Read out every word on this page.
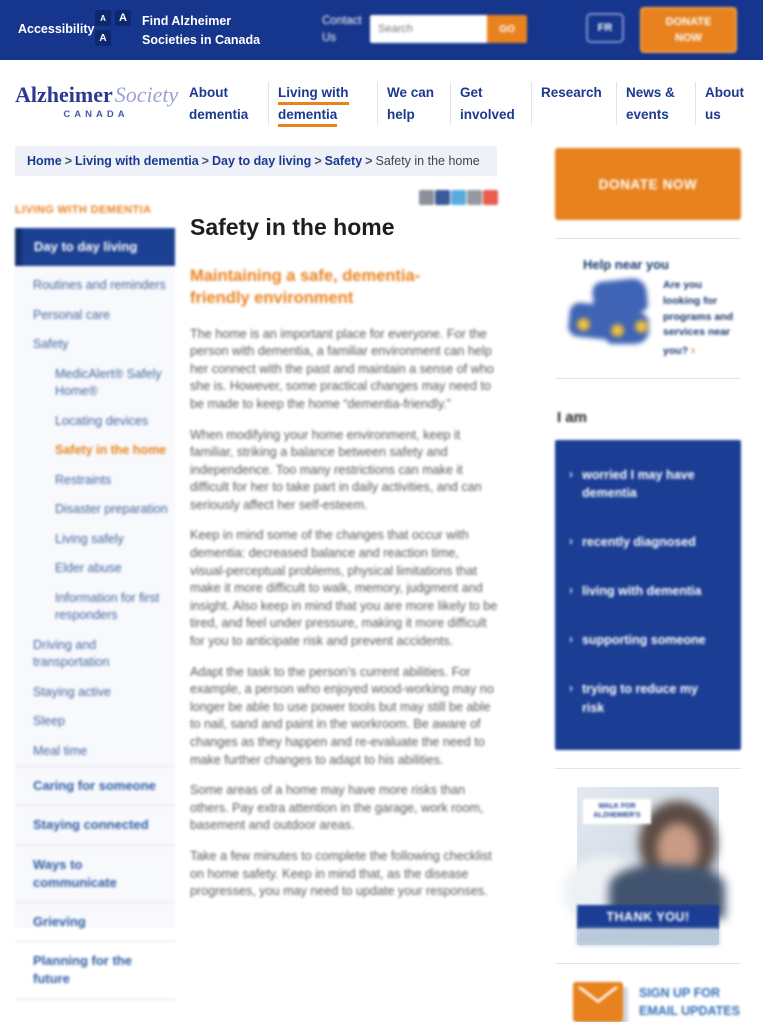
Accessibility
A	A
A
Find Alzheimer Societies in Canada
Contact Us
Search
GO	FR
DONATE NOW
AlzheimerSociety
CANADA
About dementia
Living with dementia
We can help
Get involved
Research	News & events
About us
Home > Living with dementia > Day to day living > Safety > Safety in the home
LIVING WITH DEMENTIA
Day to day living
Routines and reminders
Personal care
Safety
MedicAlert® Safely Home®
Locating devices
Safety in the home
Restraints
Disaster preparation
Living safely
Elder abuse
Information for first responders
Driving and transportation
Staying active
Sleep
Meal time
Caring for someone
Staying connected
Ways to communicate
Grieving
Planning for the future
Safety in the home
Maintaining a safe, dementia-friendly environment

The home is an important place for everyone. For the person with dementia, a familiar environment can help her connect with the past and maintain a sense of who she is. However, some practical changes may need to be made to keep the home “dementia-friendly.”

When modifying your home environment, keep it familiar, striking a balance between safety and independence. Too many restrictions can make it difficult for her to take part in daily activities, and can seriously affect her self-esteem.

Keep in mind some of the changes that occur with dementia: decreased balance and reaction time, visual-perceptual problems, physical limitations that make it more difficult to walk, memory, judgment and insight. Also keep in mind that you are more likely to be tired, and feel under pressure, making it more difficult for you to anticipate risk and prevent accidents.

Adapt the task to the person’s current abilities. For example, a person who enjoyed wood-working may no longer be able to use power tools but may still be able to nail, sand and paint in the workroom. Be aware of changes as they happen and re-evaluate the need to make further changes to adapt to his abilities.

Some areas of a home may have more risks than others. Pay extra attention in the garage, work room, basement and outdoor areas.

Take a few minutes to complete the following checklist on home safety. Keep in mind that, as the disease progresses, you may need to update your responses.

DONATE NOW
Help near you
Are you looking for programs and services near you? ›
I am
› worried I may have dementia
› recently diagnosed
› living with dementia
› supporting someone
› trying to reduce my risk
WALK FOR
ALZHEIMER'S
THANK YOU!
SIGN UP FOR EMAIL UPDATES
